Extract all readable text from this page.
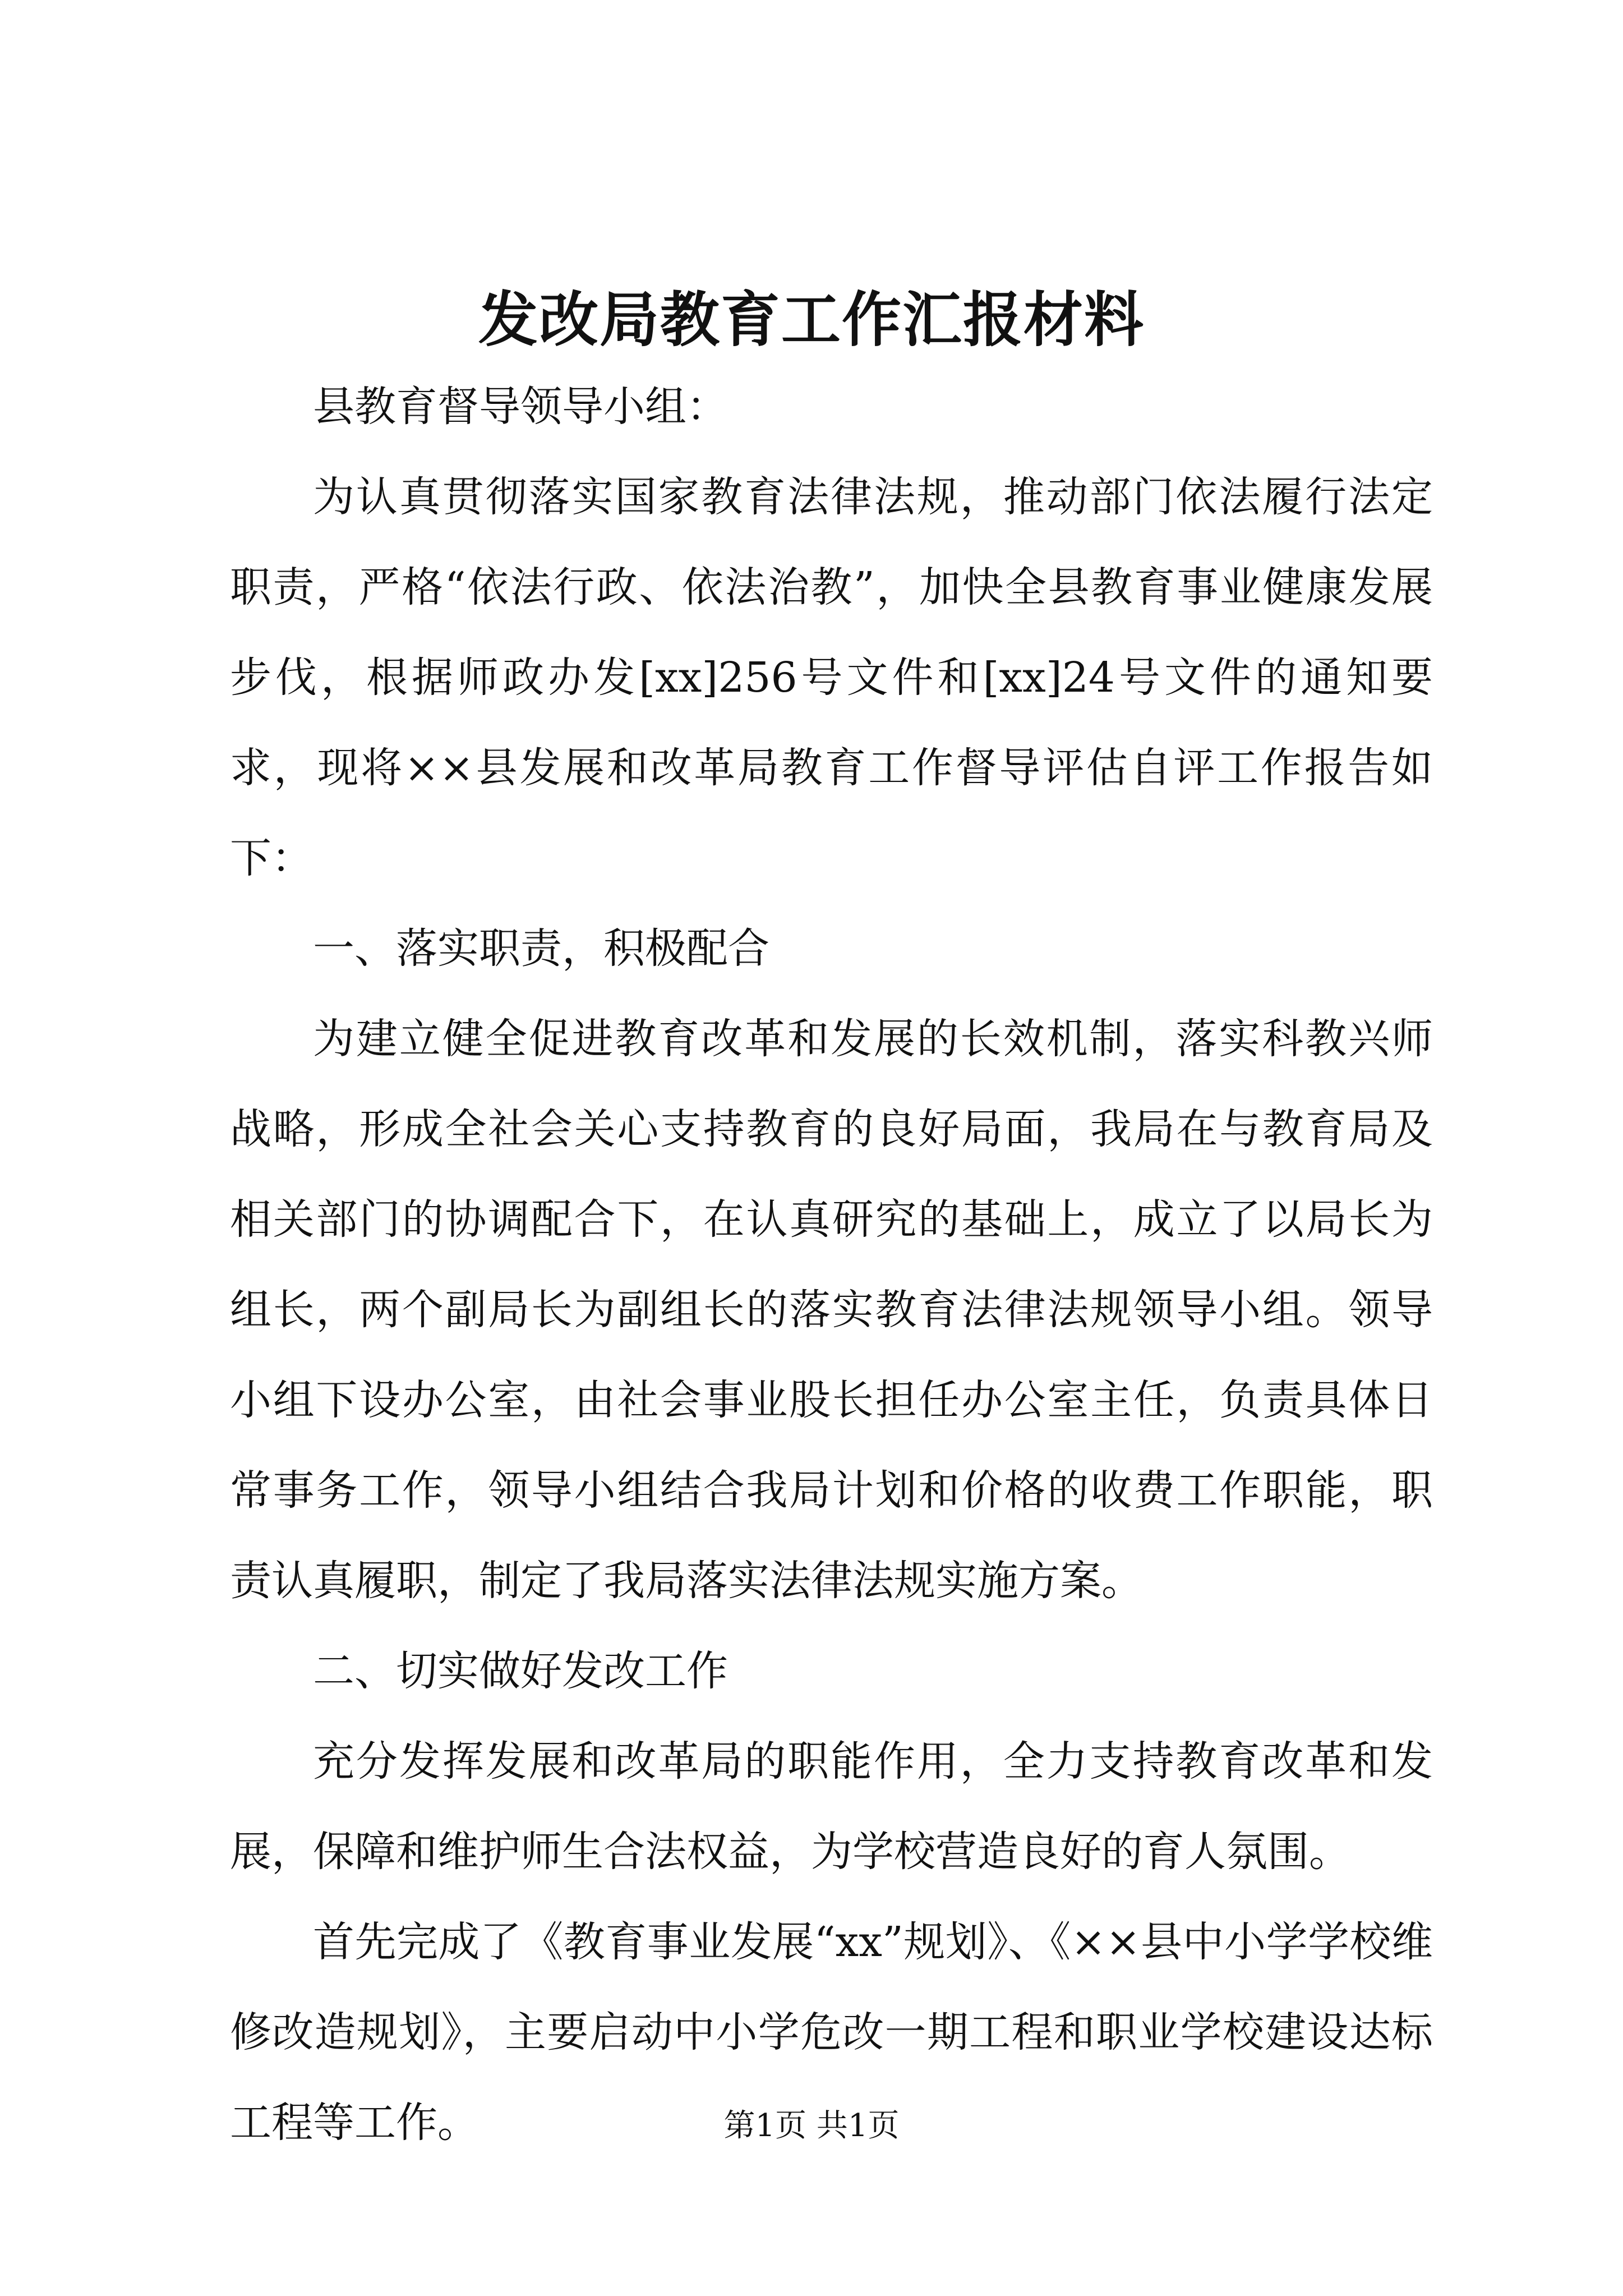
发改局教育工作汇报材料

县教育督导领导小组：

为认真贯彻落实国家教育法律法规，推动部门依法履行法定职责，严格“依法行政、依法治教”，加快全县教育事业健康发展步伐，根据师政办发[xx]256号文件和[xx]24号文件的通知要求，现将××县发展和改革局教育工作督导评估自评工作报告如下：

一、落实职责，积极配合

为建立健全促进教育改革和发展的长效机制，落实科教兴师战略，形成全社会关心支持教育的良好局面，我局在与教育局及相关部门的协调配合下，在认真研究的基础上，成立了以局长为组长，两个副局长为副组长的落实教育法律法规领导小组。领导小组下设办公室，由社会事业股长担任办公室主任，负责具体日常事务工作，领导小组结合我局计划和价格的收费工作职能，职责认真履职，制定了我局落实法律法规实施方案。

二、切实做好发改工作

充分发挥发展和改革局的职能作用，全力支持教育改革和发展，保障和维护师生合法权益，为学校营造良好的育人氛围。

首先完成了《教育事业发展“xx”规划》、《××县中小学学校维修改造规划》，主要启动中小学危改一期工程和职业学校建设达标工程等工作。	第1页 共1页
